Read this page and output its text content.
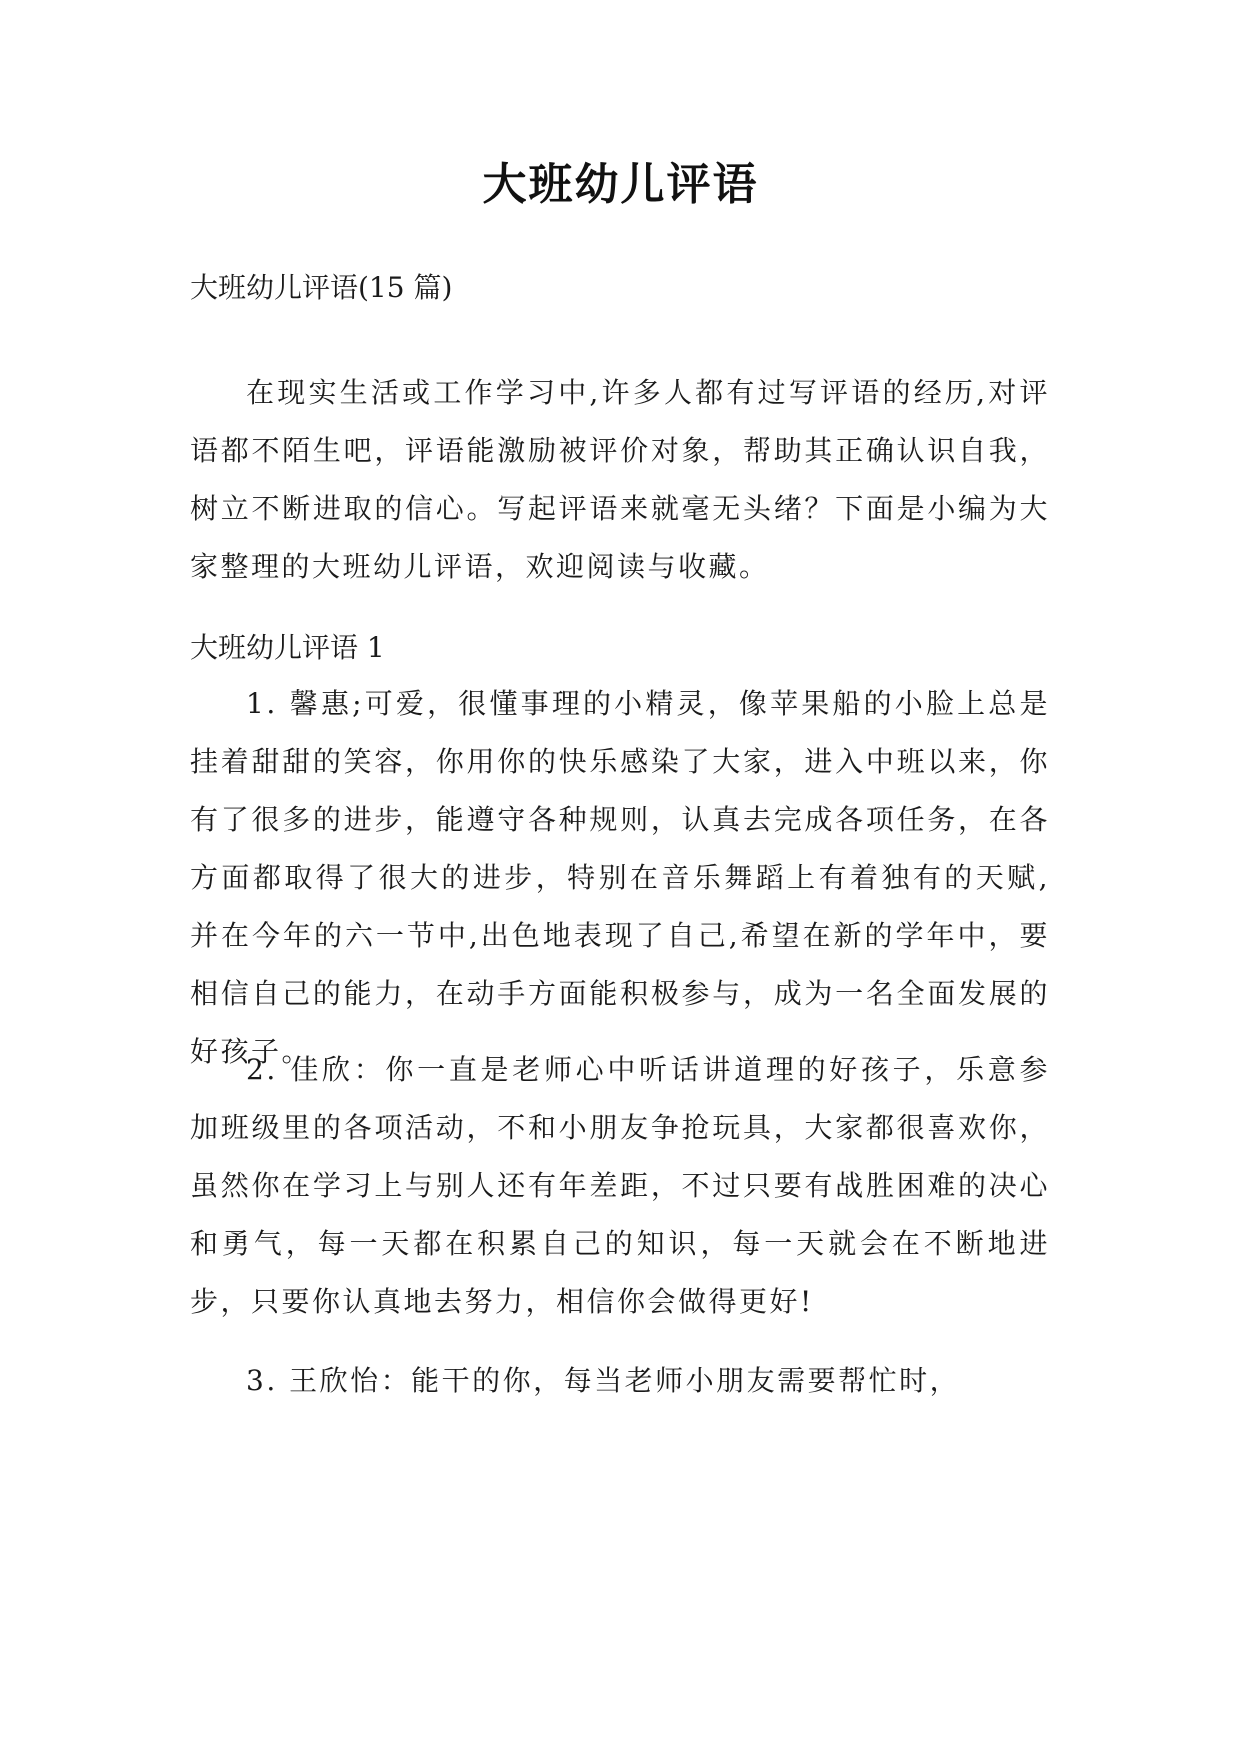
大班幼儿评语

大班幼儿评语(15 篇)

在现实生活或工作学习中,许多人都有过写评语的经历,对评语都不陌生吧，评语能激励被评价对象，帮助其正确认识自我，树立不断进取的信心。写起评语来就毫无头绪？下面是小编为大家整理的大班幼儿评语，欢迎阅读与收藏。

大班幼儿评语 1

1. 馨惠;可爱，很懂事理的小精灵，像苹果船的小脸上总是挂着甜甜的笑容，你用你的快乐感染了大家，进入中班以来，你有了很多的进步，能遵守各种规则，认真去完成各项任务，在各方面都取得了很大的进步，特别在音乐舞蹈上有着独有的天赋,并在今年的六一节中,出色地表现了自己,希望在新的学年中，要相信自己的能力，在动手方面能积极参与，成为一名全面发展的好孩子。

2. 佳欣：你一直是老师心中听话讲道理的好孩子，乐意参加班级里的各项活动，不和小朋友争抢玩具，大家都很喜欢你，虽然你在学习上与别人还有年差距，不过只要有战胜困难的决心和勇气，每一天都在积累自己的知识，每一天就会在不断地进步，只要你认真地去努力，相信你会做得更好!

3. 王欣怡：能干的你，每当老师小朋友需要帮忙时，
